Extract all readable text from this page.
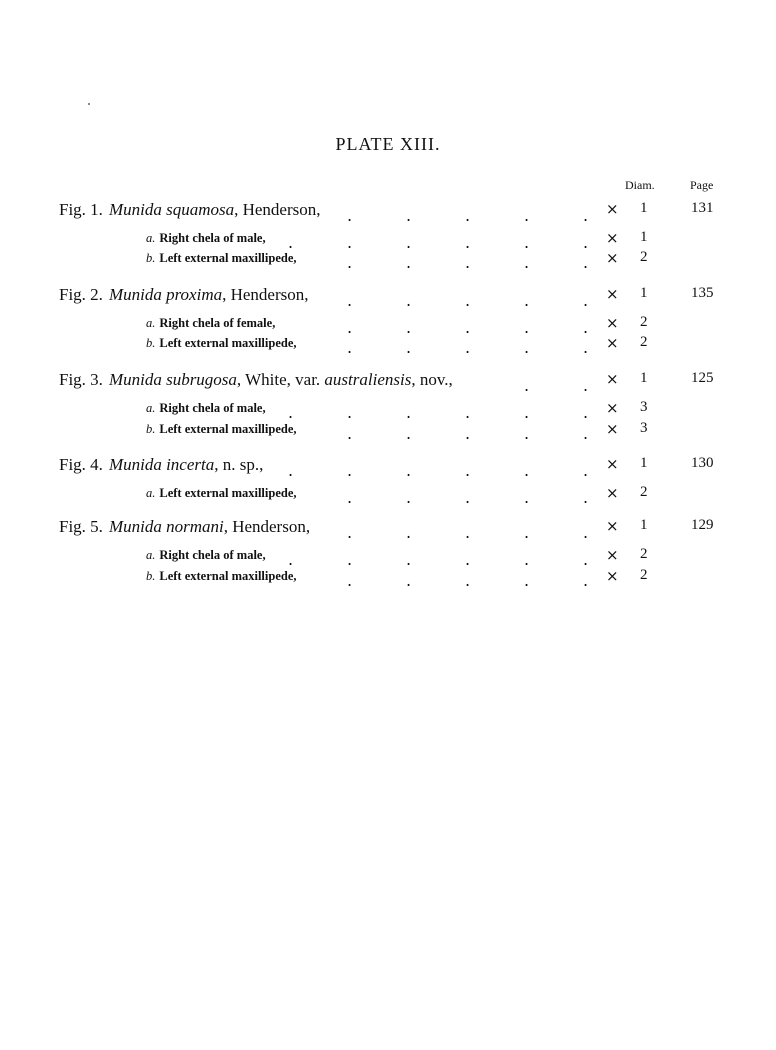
PLATE XIII.
Diam.	Page
Fig. 1. Munida squamosa, Henderson,	× 1	131
.
.
.
.
.
a. Right chela of male,	× 1
.
.
.
.
.
.
b. Left external maxillipede,	× 2
.
.
.
.
.
Fig. 2. Munida proxima, Henderson,	× 1	135
.
.
.
.
.
a. Right chela of female,	× 2
.
.
.
.
.
b. Left external maxillipede,	× 2
.
.
.
.
.
Fig. 3. Munida subrugosa, White, var. australiensis, nov.,	× 1	125
.
.
a. Right chela of male,	× 3
.
.
.
.
.
.
b. Left external maxillipede,	× 3
.
.
.
.
.
Fig. 4. Munida incerta, n. sp.,	× 1	130
.
.
.
.
.
.
a. Left external maxillipede,	× 2
.
.
.
.
.
Fig. 5. Munida normani, Henderson,	× 1	129
.
.
.
.
.
a. Right chela of male,	× 2
.
.
.
.
.
.
b. Left external maxillipede,	× 2
.
.
.
.
.
